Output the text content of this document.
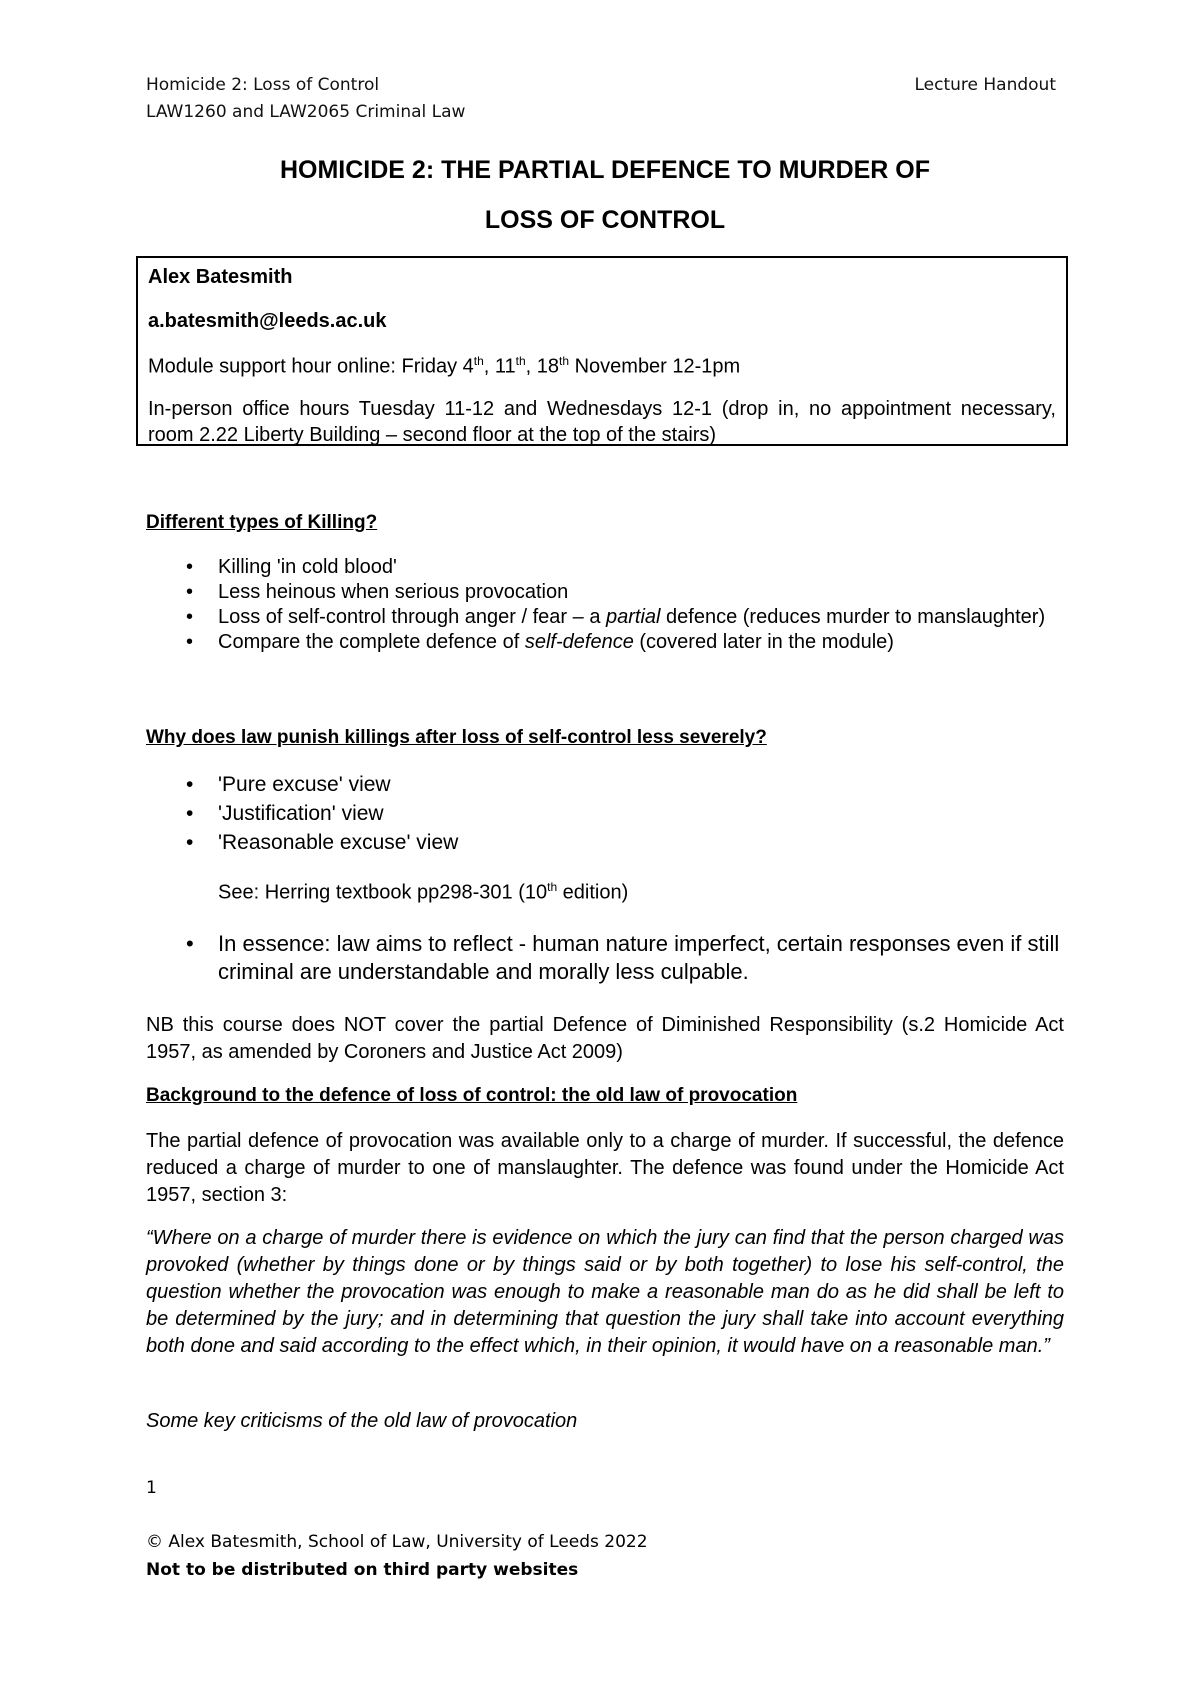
Homicide 2: Loss of Control
LAW1260 and LAW2065 Criminal Law
Lecture Handout
HOMICIDE 2: THE PARTIAL DEFENCE TO MURDER OF
LOSS OF CONTROL

Alex Batesmith

a.batesmith@leeds.ac.uk

Module support hour online: Friday 4th, 11th, 18th November 12-1pm

In-person office hours Tuesday 11-12 and Wednesdays 12-1 (drop in, no appointment necessary, room 2.22 Liberty Building – second floor at the top of the stairs)

Different types of Killing?
• Killing 'in cold blood'
• Less heinous when serious provocation
• Loss of self-control through anger / fear – a partial defence (reduces murder to manslaughter)
• Compare the complete defence of self-defence (covered later in the module)
Why does law punish killings after loss of self-control less severely?
• 'Pure excuse' view
• 'Justification' view
• 'Reasonable excuse' view
See: Herring textbook pp298-301 (10th edition)
• In essence: law aims to reflect - human nature imperfect, certain responses even if still criminal are understandable and morally less culpable.
NB this course does NOT cover the partial Defence of Diminished Responsibility (s.2 Homicide Act 1957, as amended by Coroners and Justice Act 2009)
Background to the defence of loss of control: the old law of provocation
The partial defence of provocation was available only to a charge of murder. If successful, the defence reduced a charge of murder to one of manslaughter. The defence was found under the Homicide Act 1957, section 3:
“Where on a charge of murder there is evidence on which the jury can find that the person charged was provoked (whether by things done or by things said or by both together) to lose his self-control, the question whether the provocation was enough to make a reasonable man do as he did shall be left to be determined by the jury; and in determining that question the jury shall take into account everything both done and said according to the effect which, in their opinion, it would have on a reasonable man.”
Some key criticisms of the old law of provocation
1
© Alex Batesmith, School of Law, University of Leeds 2022
Not to be distributed on third party websites
